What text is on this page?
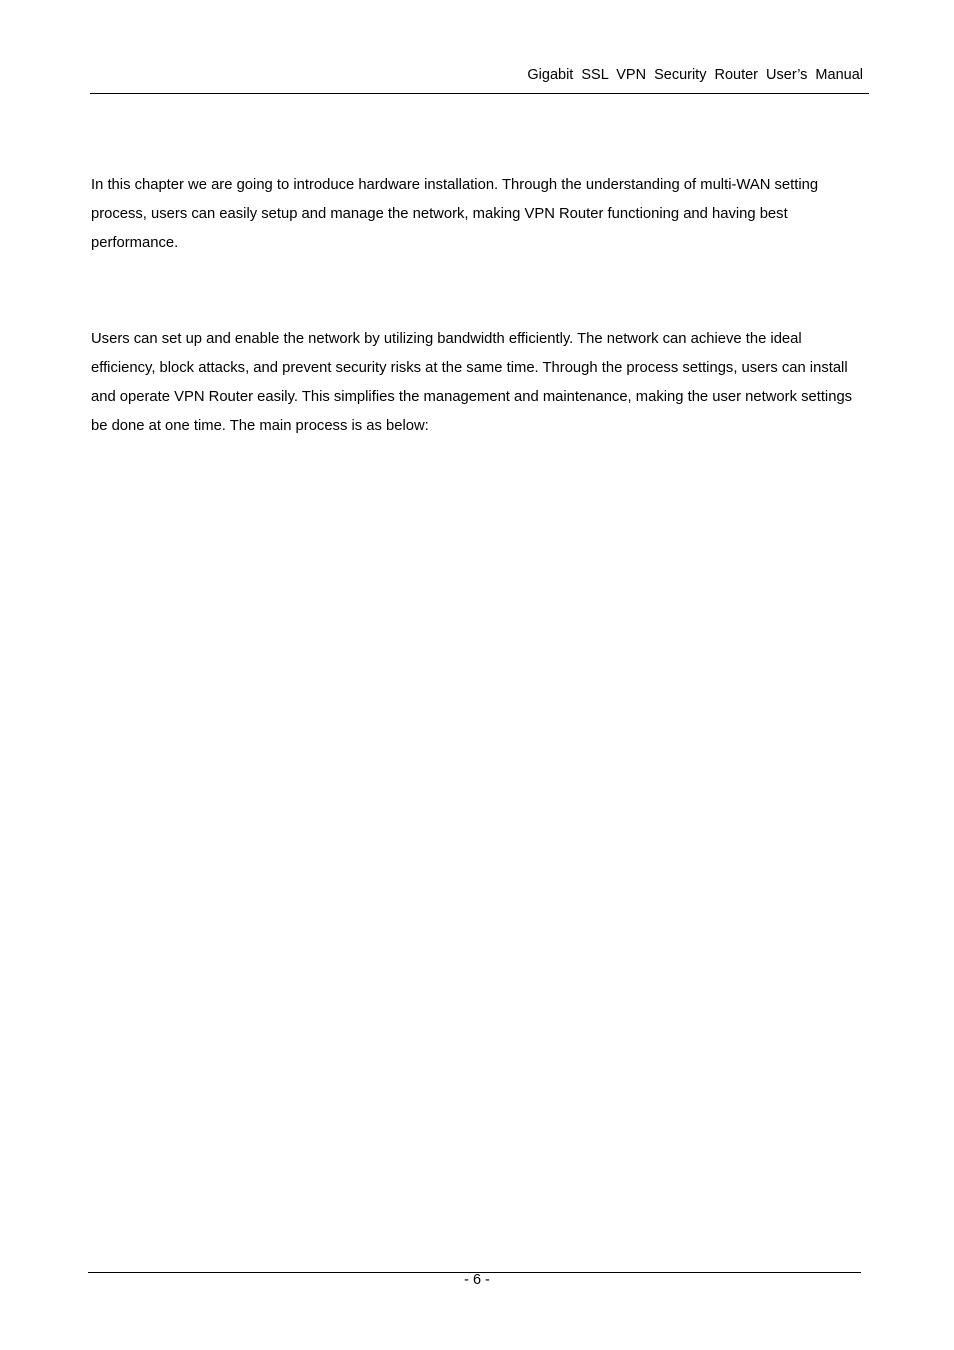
Gigabit SSL VPN Security Router User’s Manual

In this chapter we are going to introduce hardware installation. Through the understanding of multi-WAN setting process, users can easily setup and manage the network, making VPN Router functioning and having best performance.

Users can set up and enable the network by utilizing bandwidth efficiently. The network can achieve the ideal efficiency, block attacks, and prevent security risks at the same time. Through the process settings, users can install and operate VPN Router easily. This simplifies the management and maintenance, making the user network settings be done at one time. The main process is as below:

- 6 -
